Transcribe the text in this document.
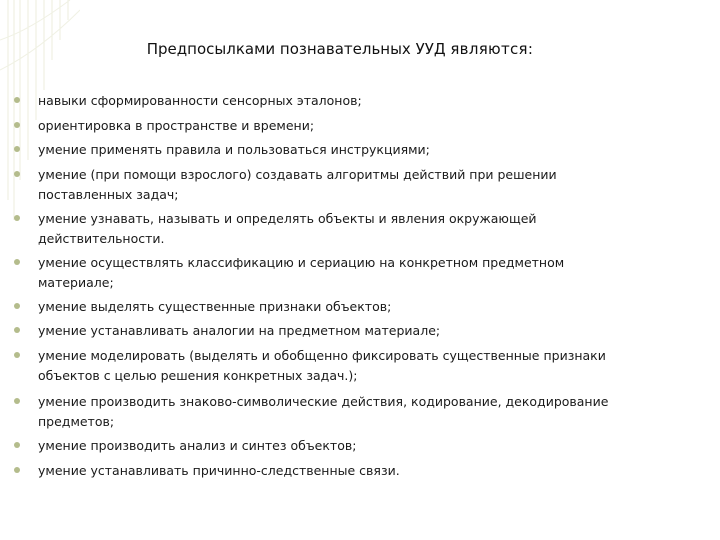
Предпосылками познавательных УУД являются:
навыки сформированности сенсорных эталонов;
ориентировка в пространстве и времени;
умение применять правила и пользоваться инструкциями;
умение (при помощи взрослого) создавать алгоритмы действий при решении поставленных задач;
умение узнавать, называть и определять объекты и явления окружающей действительности.
умение осуществлять классификацию и сериацию на конкретном предметном материале;
умение выделять существенные признаки объектов;
умение устанавливать аналогии на предметном материале;
умение моделировать (выделять и обобщенно фиксировать существенные признаки объектов с целью решения конкретных задач.);
умение производить знаково-символические действия, кодирование, декодирование предметов;
умение производить анализ и синтез объектов;
умение устанавливать причинно-следственные связи.
